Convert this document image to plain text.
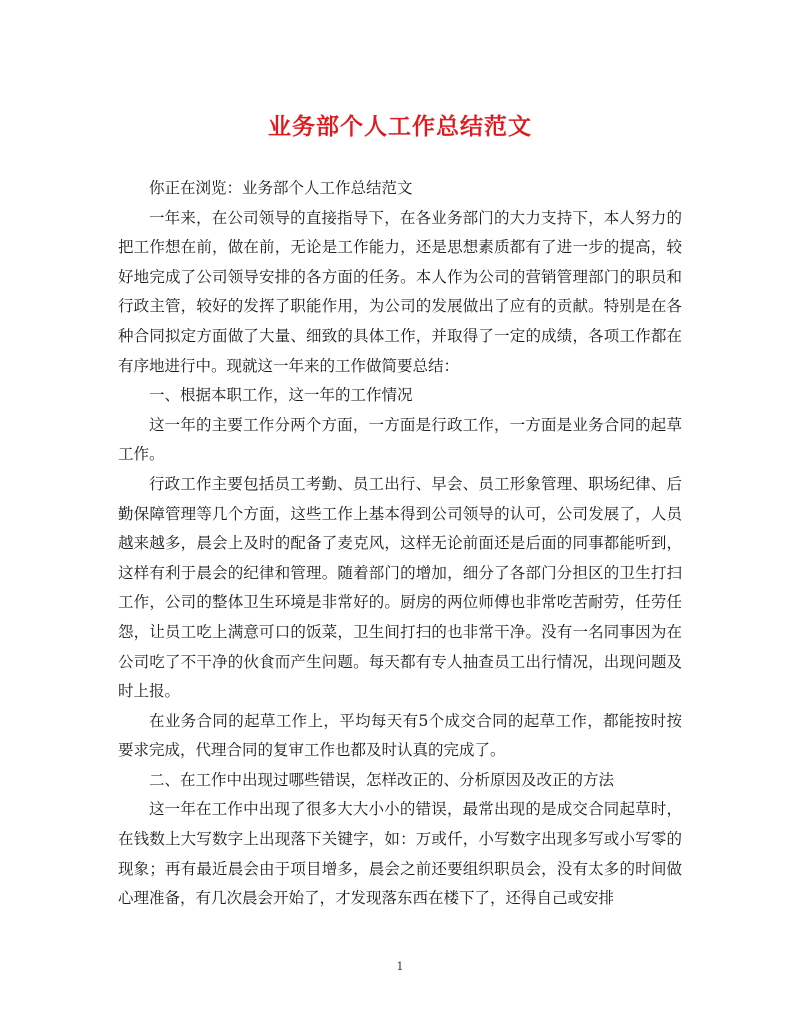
业务部个人工作总结范文

你正在浏览：业务部个人工作总结范文

一年来，在公司领导的直接指导下，在各业务部门的大力支持下，本人努力的把工作想在前，做在前，无论是工作能力，还是思想素质都有了进一步的提高，较好地完成了公司领导安排的各方面的任务。本人作为公司的营销管理部门的职员和行政主管，较好的发挥了职能作用，为公司的发展做出了应有的贡献。特别是在各种合同拟定方面做了大量、细致的具体工作，并取得了一定的成绩，各项工作都在有序地进行中。现就这一年来的工作做简要总结：

一、根据本职工作，这一年的工作情况

这一年的主要工作分两个方面，一方面是行政工作，一方面是业务合同的起草工作。

行政工作主要包括员工考勤、员工出行、早会、员工形象管理、职场纪律、后勤保障管理等几个方面，这些工作上基本得到公司领导的认可，公司发展了，人员越来越多，晨会上及时的配备了麦克风，这样无论前面还是后面的同事都能听到，这样有利于晨会的纪律和管理。随着部门的增加，细分了各部门分担区的卫生打扫工作，公司的整体卫生环境是非常好的。厨房的两位师傅也非常吃苦耐劳，任劳任怨，让员工吃上满意可口的饭菜，卫生间打扫的也非常干净。没有一名同事因为在公司吃了不干净的伙食而产生问题。每天都有专人抽查员工出行情况，出现问题及时上报。

在业务合同的起草工作上，平均每天有5个成交合同的起草工作，都能按时按要求完成，代理合同的复审工作也都及时认真的完成了。

二、在工作中出现过哪些错误，怎样改正的、分析原因及改正的方法

这一年在工作中出现了很多大大小小的错误，最常出现的是成交合同起草时，在钱数上大写数字上出现落下关键字，如：万或仟，小写数字出现多写或小写零的现象；再有最近晨会由于项目增多，晨会之前还要组织职员会，没有太多的时间做心理准备，有几次晨会开始了，才发现落东西在楼下了，还得自己或安排

1
